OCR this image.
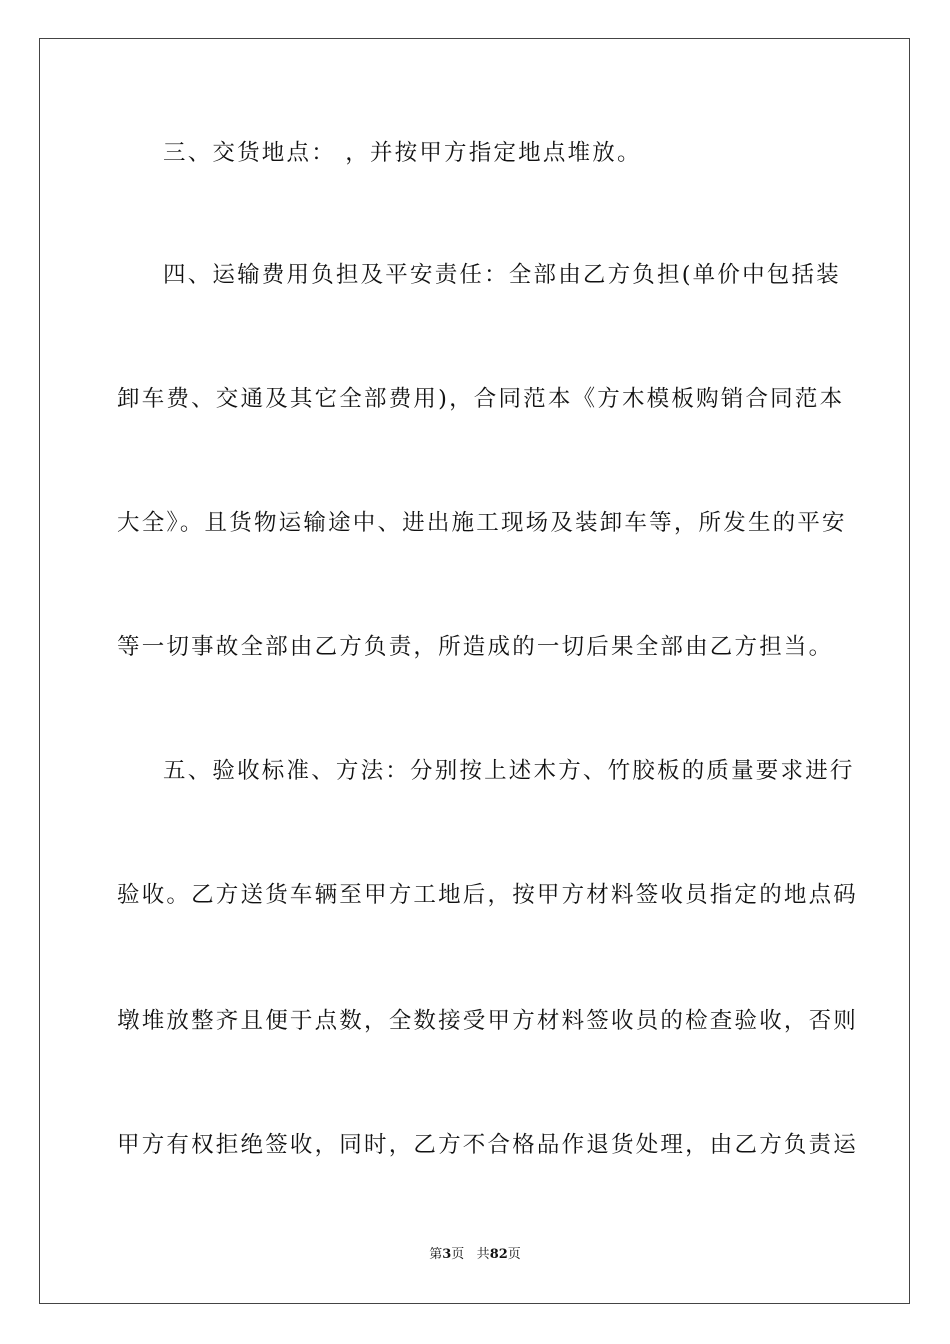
三、交货地点： ，并按甲方指定地点堆放。
四、运输费用负担及平安责任：全部由乙方负担(单价中包括装
卸车费、交通及其它全部费用)，合同范本《方木模板购销合同范本
大全》。且货物运输途中、进出施工现场及装卸车等，所发生的平安
等一切事故全部由乙方负责，所造成的一切后果全部由乙方担当。
五、验收标准、方法：分别按上述木方、竹胶板的质量要求进行
验收。乙方送货车辆至甲方工地后，按甲方材料签收员指定的地点码
墩堆放整齐且便于点数，全数接受甲方材料签收员的检查验收，否则
甲方有权拒绝签收，同时，乙方不合格品作退货处理，由乙方负责运
第3页 共82页
